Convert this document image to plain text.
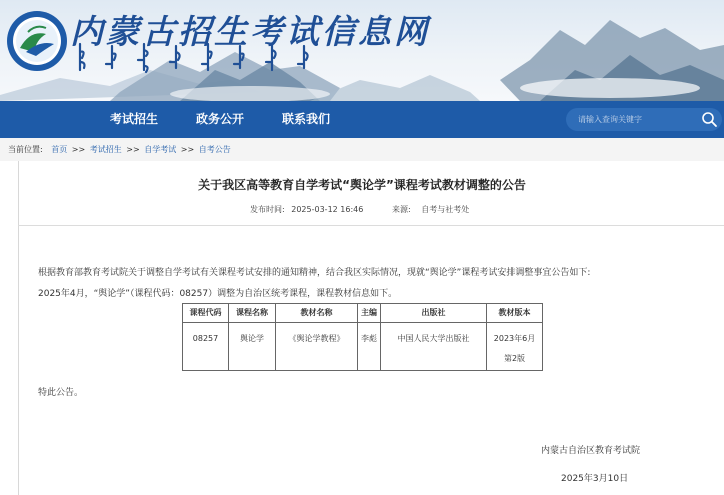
内蒙古招生考试信息网
考试招生	政务公开	联系我们
请输入查询关键字
当前位置: 首页 >> 考试招生 >> 自学考试 >> 自考公告
关于我区高等教育自学考试“舆论学”课程考试教材调整的公告
发布时间: 2025-03-12 16:46	来源: 自考与社考处
根据教育部教育考试院关于调整自学考试有关课程考试安排的通知精神，结合我区实际情况，现就“舆论学”课程考试安排调整事宜公告如下:
2025年4月，“舆论学”（课程代码：08257）调整为自治区统考课程，课程教材信息如下。
课程代码	课程名称	教材名称	主编	出版社	教材版本
08257	舆论学	《舆论学教程》	李彪	中国人民大学出版社	2023年6月
第2版
特此公告。
内蒙古自治区教育考试院
2025年3月10日
